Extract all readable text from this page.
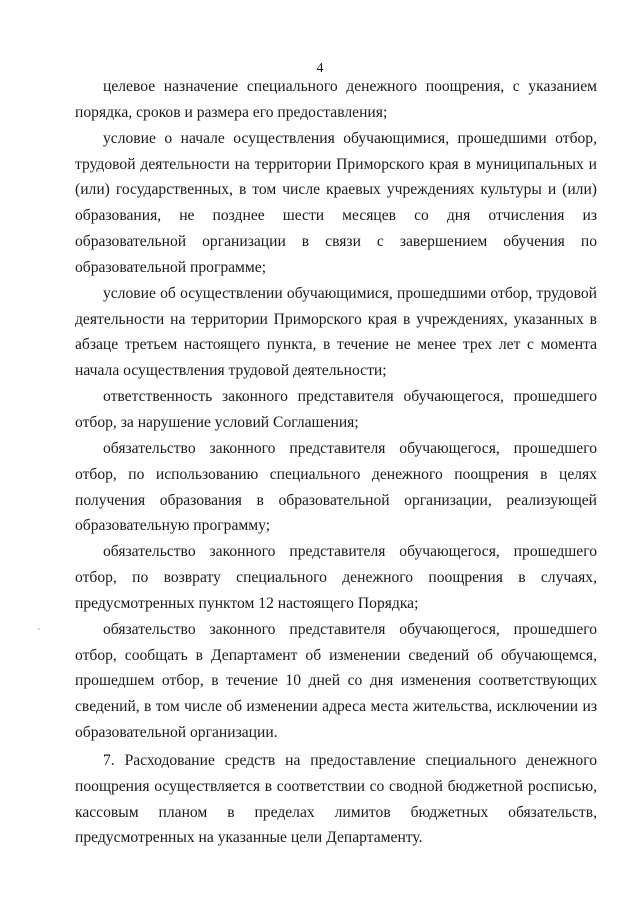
4

целевое назначение специального денежного поощрения, с указанием порядка, сроков и размера его предоставления;

условие о начале осуществления обучающимися, прошедшими отбор, трудовой деятельности на территории Приморского края в муниципальных и (или) государственных, в том числе краевых учреждениях культуры и (или) образования, не позднее шести месяцев со дня отчисления из образовательной организации в связи с завершением обучения по образовательной программе;

условие об осуществлении обучающимися, прошедшими отбор, трудовой деятельности на территории Приморского края в учреждениях, указанных в абзаце третьем настоящего пункта, в течение не менее трех лет с момента начала осуществления трудовой деятельности;

ответственность законного представителя обучающегося, прошедшего отбор, за нарушение условий Соглашения;

обязательство законного представителя обучающегося, прошедшего отбор, по использованию специального денежного поощрения в целях получения образования в образовательной организации, реализующей образовательную программу;

обязательство законного представителя обучающегося, прошедшего отбор, по возврату специального денежного поощрения в случаях, предусмотренных пунктом 12 настоящего Порядка;

обязательство законного представителя обучающегося, прошедшего отбор, сообщать в Департамент об изменении сведений об обучающемся, прошедшем отбор, в течение 10 дней со дня изменения соответствующих сведений, в том числе об изменении адреса места жительства, исключении из образовательной организации.

7. Расходование средств на предоставление специального денежного поощрения осуществляется в соответствии со сводной бюджетной росписью, кассовым планом в пределах лимитов бюджетных обязательств, предусмотренных на указанные цели Департаменту.
